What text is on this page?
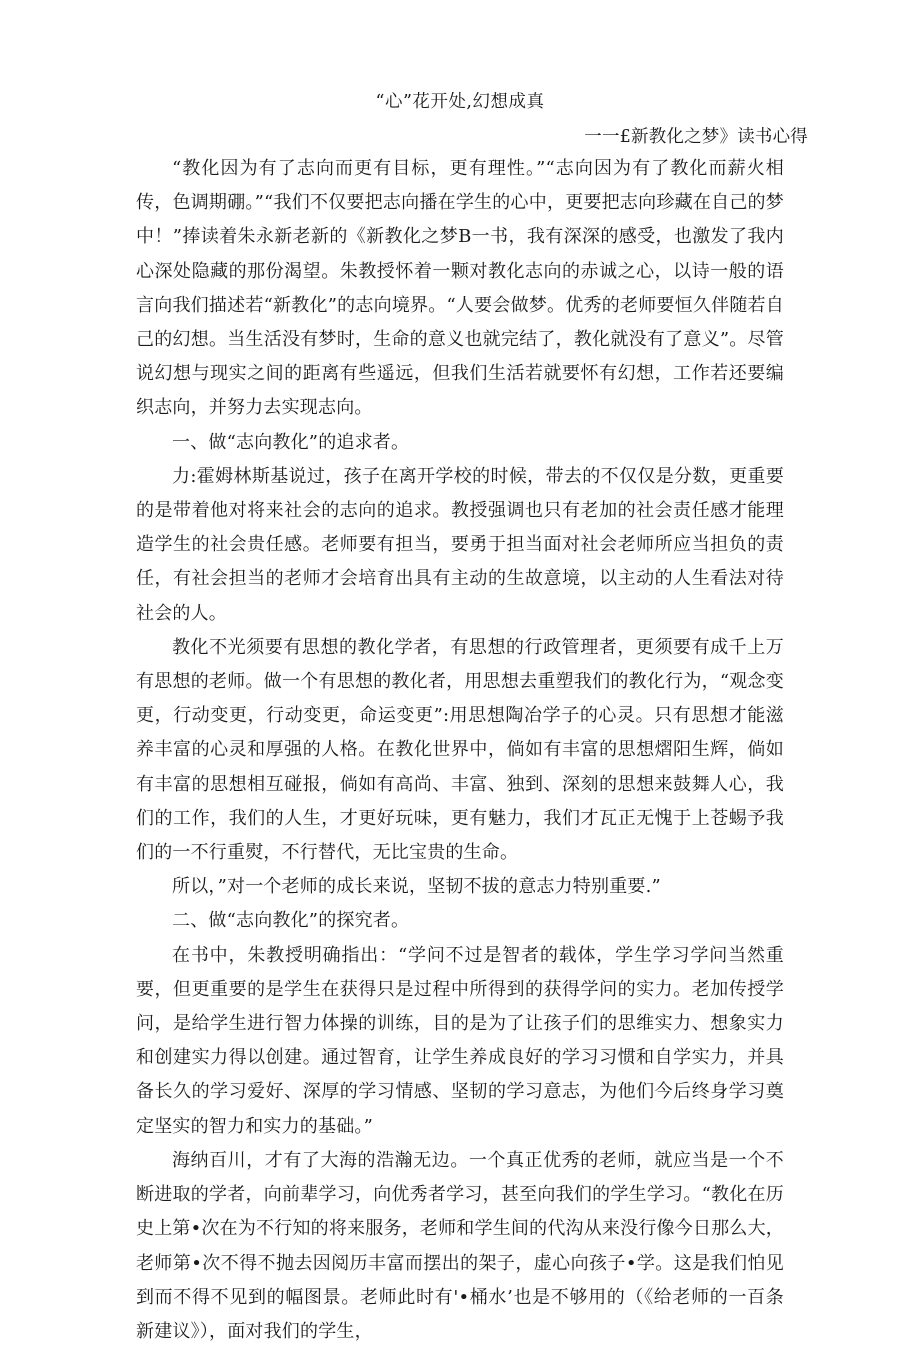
“心”花开处,幻想成真
一一£新教化之梦》读书心得

“教化因为有了志向而更有目标，更有理性。”“志向因为有了教化而薪火相传，色调期硼。”“我们不仅要把志向播在学生的心中，更要把志向珍藏在自己的梦中！”捧读着朱永新老新的《新教化之梦B一书，我有深深的感受，也激发了我内心深处隐藏的那份渴望。朱教授怀着一颗对教化志向的赤诚之心，以诗一般的语言向我们描述若“新教化”的志向境界。“人要会做梦。优秀的老师要恒久伴随若自己的幻想。当生活没有梦时，生命的意义也就完结了，教化就没有了意义”。尽管说幻想与现实之间的距离有些遥远，但我们生活若就要怀有幻想，工作若还要编织志向，并努力去实现志向。

一、做“志向教化”的追求者。

力:霍姆林斯基说过，孩子在离开学校的时候，带去的不仅仅是分数，更重要的是带着他对将来社会的志向的追求。教授强调也只有老加的社会责任感才能理造学生的社会贵任感。老师要有担当，要勇于担当面对社会老师所应当担负的责任，有社会担当的老师才会培育出具有主动的生故意境，以主动的人生看法对待社会的人。

教化不光须要有思想的教化学者，有思想的行政管理者，更须要有成千上万有思想的老师。做一个有思想的教化者，用思想去重塑我们的教化行为，“观念变更，行动变更，行动变更，命运变更”:用思想陶冶学子的心灵。只有思想才能滋养丰富的心灵和厚强的人格。在教化世界中，倘如有丰富的思想熠阳生辉，倘如有丰富的思想相互碰报，倘如有高尚、丰富、独到、深刻的思想来鼓舞人心，我们的工作，我们的人生，才更好玩味，更有魅力，我们才瓦正无愧于上苍蜴予我们的一不行重熨，不行替代，无比宝贵的生命。

所以，”对一个老师的成长来说，坚韧不拔的意志力特别重要.”

二、做“志向教化”的探究者。

在书中，朱教授明确指出：“学问不过是智者的载体，学生学习学问当然重要，但更重要的是学生在获得只是过程中所得到的获得学问的实力。老加传授学问，是给学生进行智力体操的训练，目的是为了让孩子们的思维实力、想象实力和创建实力得以创建。通过智育，让学生养成良好的学习习惯和自学实力，并具备长久的学习爱好、深厚的学习情感、坚韧的学习意志，为他们今后终身学习奠定坚实的智力和实力的基础。”

海纳百川，才有了大海的浩瀚无边。一个真正优秀的老师，就应当是一个不断进取的学者，向前辈学习，向优秀者学习，甚至向我们的学生学习。“教化在历史上第•次在为不行知的将来服务，老师和学生间的代沟从来没行像今日那么大，老师第•次不得不抛去因阅历丰富而摆出的架子，虚心向孩子•学。这是我们怕见到而不得不见到的幅图景。老师此时有'•桶水’也是不够用的（《给老师的一百条新建议》），面对我们的学生，
